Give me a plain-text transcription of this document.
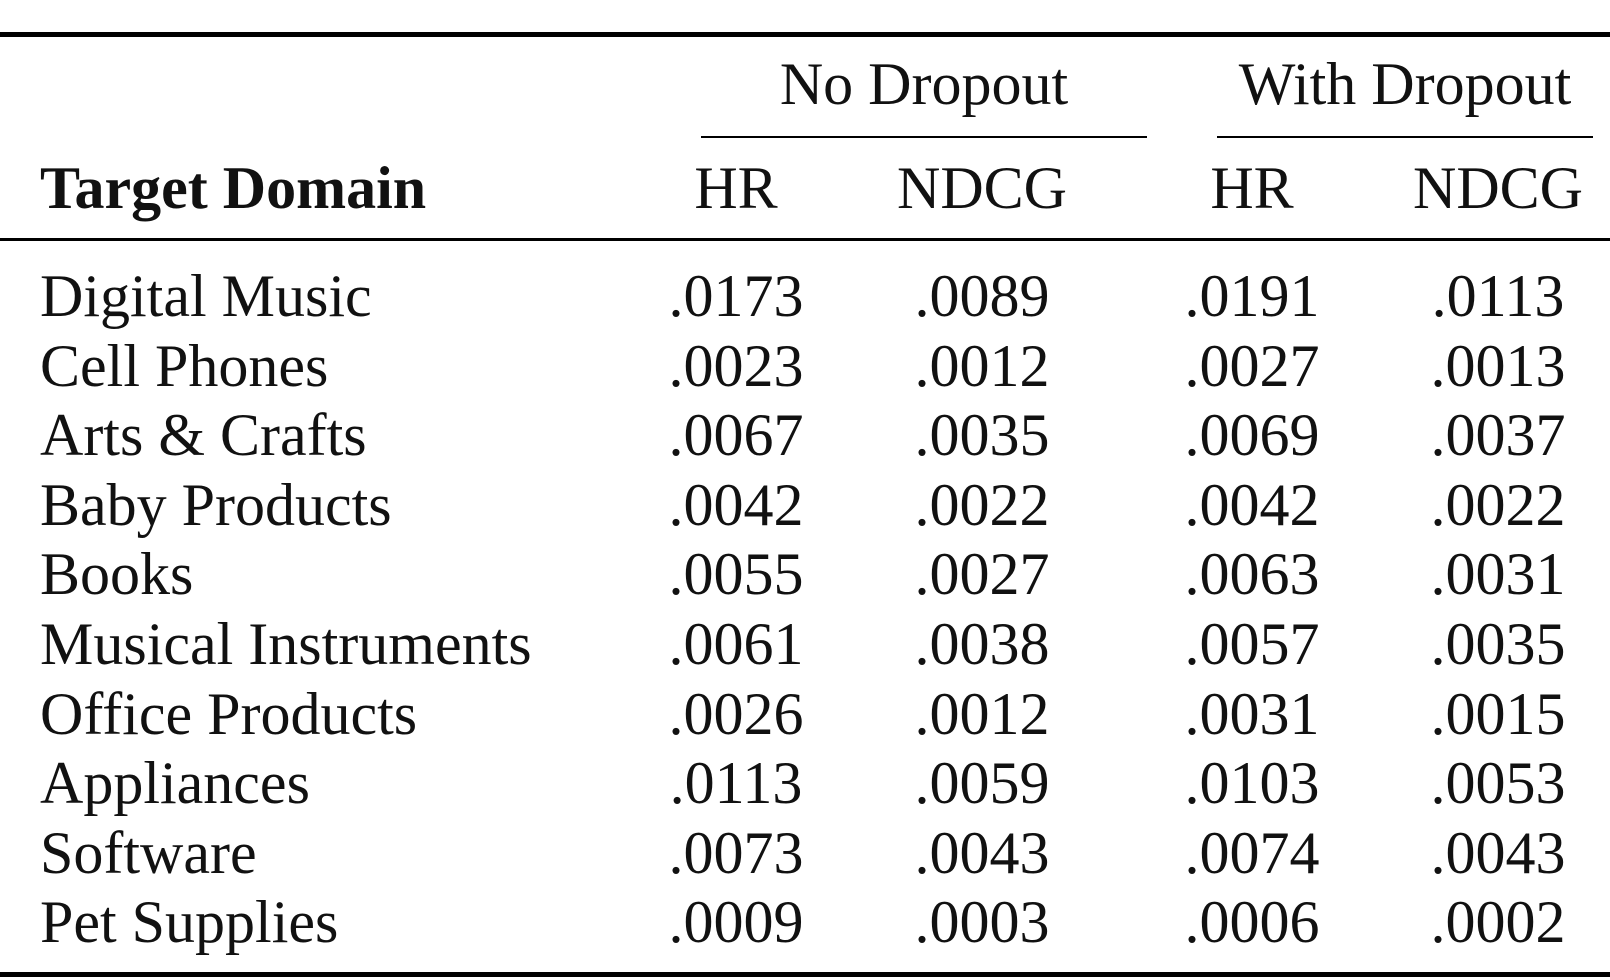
No Dropout	With Dropout
Target Domain	HR	NDCG	HR	NDCG
Digital Music	.0173	.0089	.0191	.0113
Cell Phones	.0023	.0012	.0027	.0013
Arts & Crafts	.0067	.0035	.0069	.0037
Baby Products	.0042	.0022	.0042	.0022
Books	.0055	.0027	.0063	.0031
Musical Instruments	.0061	.0038	.0057	.0035
Office Products	.0026	.0012	.0031	.0015
Appliances	.0113	.0059	.0103	.0053
Software	.0073	.0043	.0074	.0043
Pet Supplies	.0009	.0003	.0006	.0002
